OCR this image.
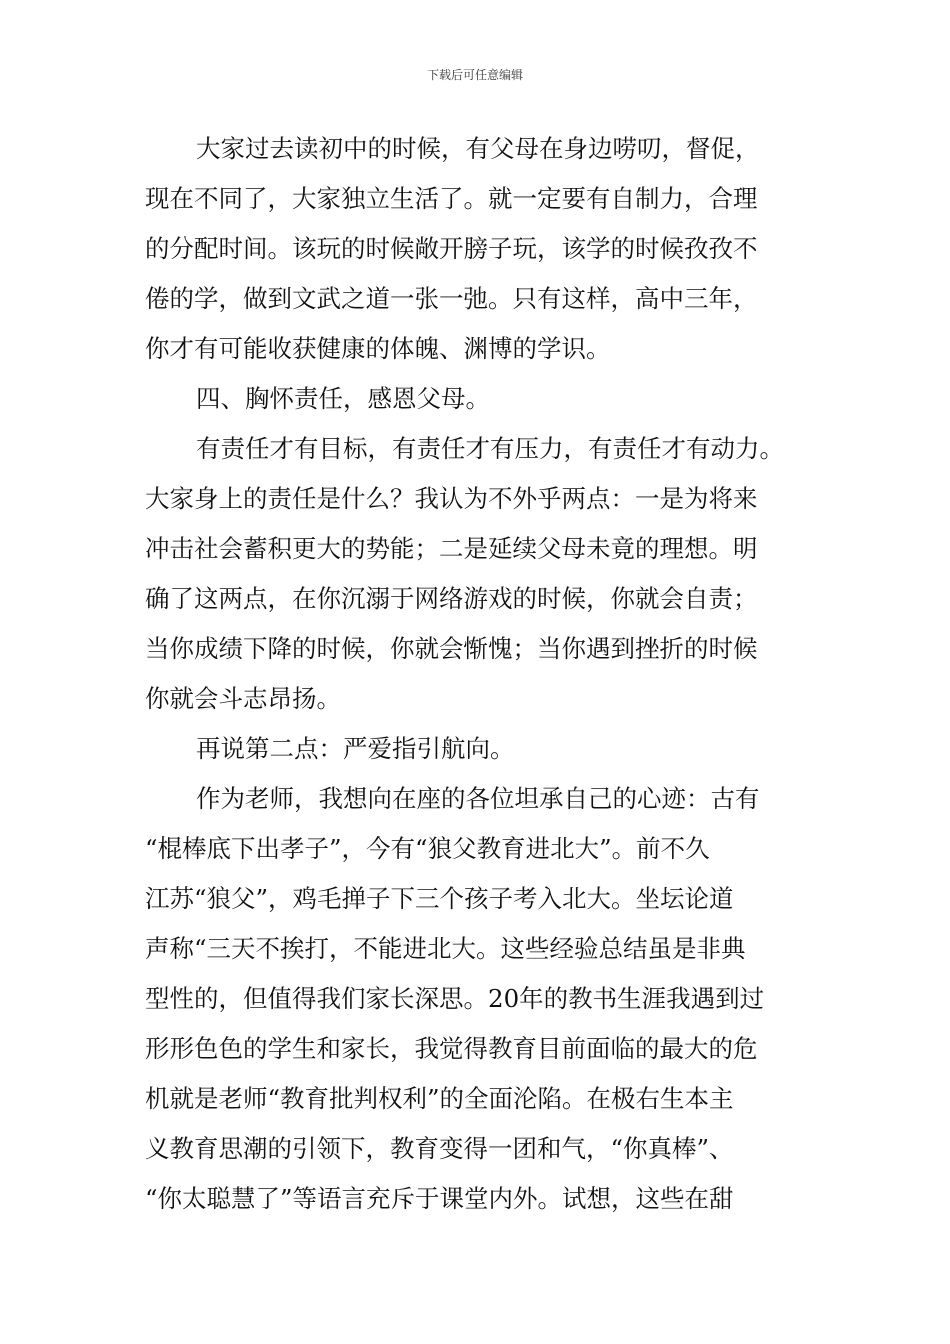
下载后可任意编辑
大家过去读初中的时候，有父母在身边唠叨，督促，
现在不同了，大家独立生活了。就一定要有自制力，合理
的分配时间。该玩的时候敞开膀子玩，该学的时候孜孜不
倦的学，做到文武之道一张一弛。只有这样，高中三年，
你才有可能收获健康的体魄、渊博的学识。
四、胸怀责任，感恩父母。
有责任才有目标，有责任才有压力，有责任才有动力。
大家身上的责任是什么？我认为不外乎两点：一是为将来
冲击社会蓄积更大的势能；二是延续父母未竟的理想。明
确了这两点，在你沉溺于网络游戏的时候，你就会自责；
当你成绩下降的时候，你就会惭愧；当你遇到挫折的时候
你就会斗志昂扬。
再说第二点：严爱指引航向。
作为老师，我想向在座的各位坦承自己的心迹：古有
“棍棒底下出孝子”，今有“狼父教育进北大”。前不久
江苏“狼父”，鸡毛掸子下三个孩子考入北大。坐坛论道
声称“三天不挨打，不能进北大。这些经验总结虽是非典
型性的，但值得我们家长深思。20年的教书生涯我遇到过
形形色色的学生和家长，我觉得教育目前面临的最大的危
机就是老师“教育批判权利”的全面沦陷。在极右生本主
义教育思潮的引领下，教育变得一团和气，“你真棒”、
“你太聪慧了”等语言充斥于课堂内外。试想，这些在甜
